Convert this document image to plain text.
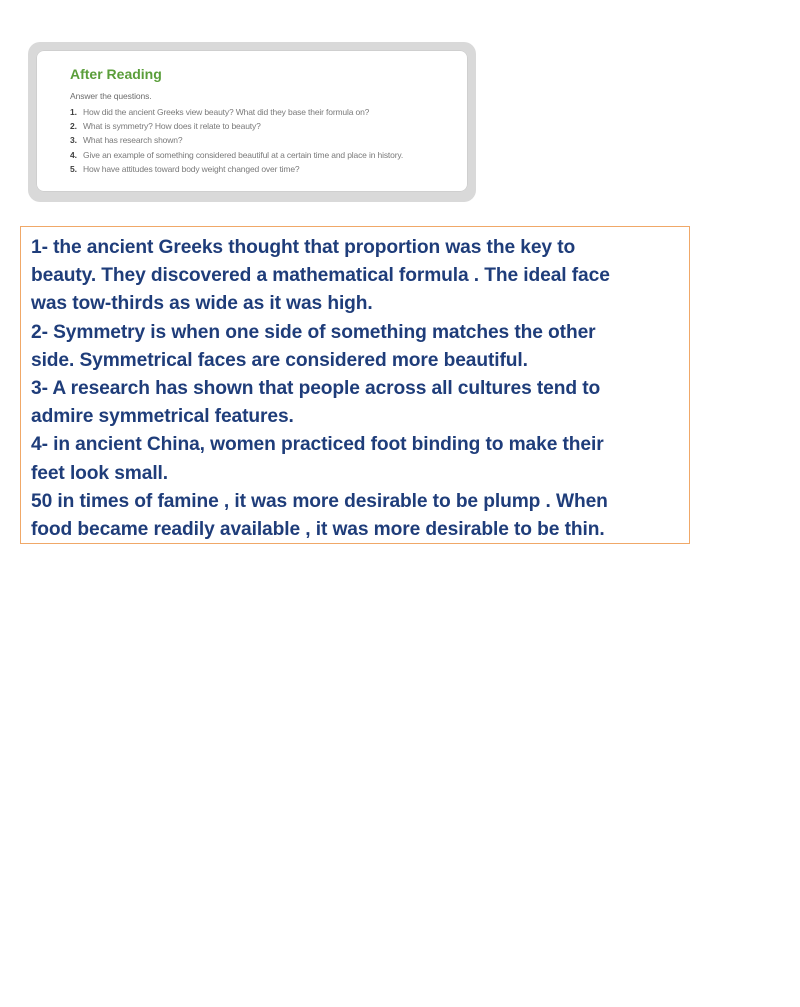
After Reading

Answer the questions.

1. How did the ancient Greeks view beauty? What did they base their formula on?
2. What is symmetry? How does it relate to beauty?
3. What has research shown?
4. Give an example of something considered beautiful at a certain time and place in history.
5. How have attitudes toward body weight changed over time?

1- the ancient Greeks thought that proportion was the key to

beauty. They discovered a mathematical formula . The ideal face

was tow-thirds as wide as it was high.

2- Symmetry is when one side of something matches the other

side. Symmetrical faces are considered more beautiful.

3- A research has shown that people across all cultures tend to

admire symmetrical features.

4- in ancient China, women practiced foot binding to make their

feet look small.

50 in times of famine , it was more desirable to be plump . When

food became readily available , it was more desirable to be thin.
